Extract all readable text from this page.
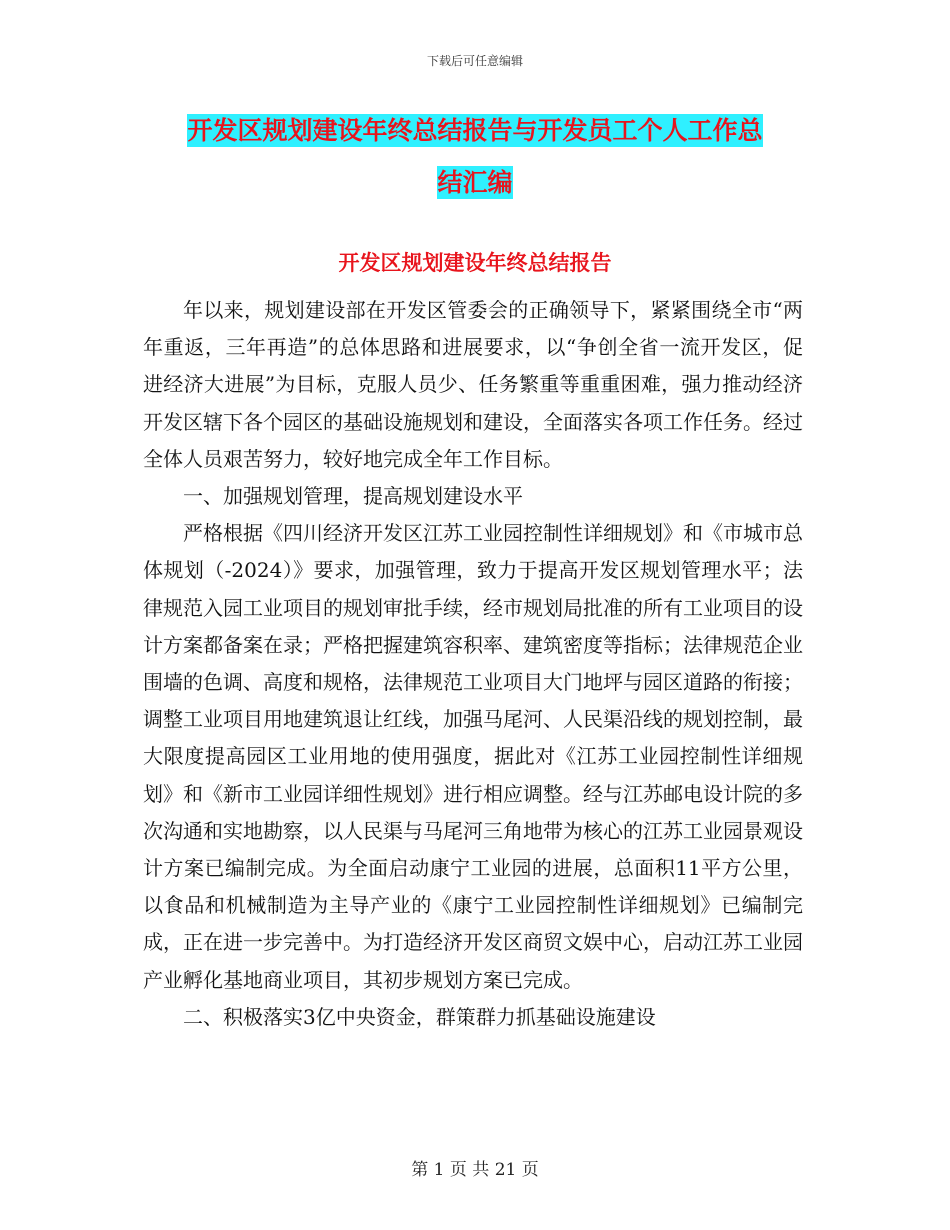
下载后可任意编辑
开发区规划建设年终总结报告与开发员工个人工作总
结汇编
开发区规划建设年终总结报告

年以来，规划建设部在开发区管委会的正确领导下，紧紧围绕全市“两年重返，三年再造”的总体思路和进展要求，以“争创全省一流开发区，促进经济大进展”为目标，克服人员少、任务繁重等重重困难，强力推动经济开发区辖下各个园区的基础设施规划和建设，全面落实各项工作任务。经过全体人员艰苦努力，较好地完成全年工作目标。

一、加强规划管理，提高规划建设水平

严格根据《四川经济开发区江苏工业园控制性详细规划》和《市城市总体规划（-2024）》要求，加强管理，致力于提高开发区规划管理水平；法律规范入园工业项目的规划审批手续，经市规划局批准的所有工业项目的设计方案都备案在录；严格把握建筑容积率、建筑密度等指标；法律规范企业围墙的色调、高度和规格，法律规范工业项目大门地坪与园区道路的衔接；调整工业项目用地建筑退让红线，加强马尾河、人民渠沿线的规划控制，最大限度提高园区工业用地的使用强度，据此对《江苏工业园控制性详细规划》和《新市工业园详细性规划》进行相应调整。经与江苏邮电设计院的多次沟通和实地勘察，以人民渠与马尾河三角地带为核心的江苏工业园景观设计方案已编制完成。为全面启动康宁工业园的进展，总面积11平方公里，以食品和机械制造为主导产业的《康宁工业园控制性详细规划》已编制完成，正在进一步完善中。为打造经济开发区商贸文娱中心，启动江苏工业园产业孵化基地商业项目，其初步规划方案已完成。

二、积极落实3亿中央资金，群策群力抓基础设施建设

第 1 页 共 21 页
